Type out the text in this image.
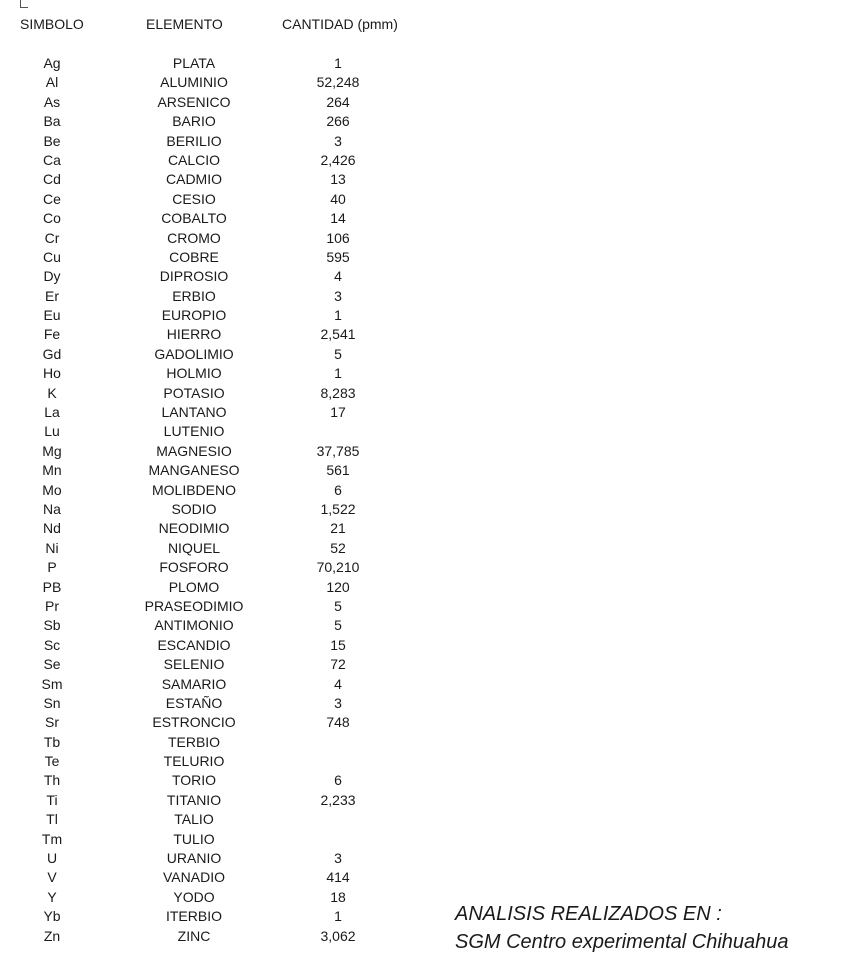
SIMBOLO	ELEMENTO	CANTIDAD (pmm)
Ag	PLATA	1
Al	ALUMINIO	52,248
As	ARSENICO	264
Ba	BARIO	266
Be	BERILIO	3
Ca	CALCIO	2,426
Cd	CADMIO	13
Ce	CESIO	40
Co	COBALTO	14
Cr	CROMO	106
Cu	COBRE	595
Dy	DIPROSIO	4
Er	ERBIO	3
Eu	EUROPIO	1
Fe	HIERRO	2,541
Gd	GADOLIMIO	5
Ho	HOLMIO	1
K	POTASIO	8,283
La	LANTANO	17
Lu	LUTENIO
Mg	MAGNESIO	37,785
Mn	MANGANESO	561
Mo	MOLIBDENO	6
Na	SODIO	1,522
Nd	NEODIMIO	21
Ni	NIQUEL	52
P	FOSFORO	70,210
PB	PLOMO	120
Pr	PRASEODIMIO	5
Sb	ANTIMONIO	5
Sc	ESCANDIO	15
Se	SELENIO	72
Sm	SAMARIO	4
Sn	ESTAÑO	3
Sr	ESTRONCIO	748
Tb	TERBIO
Te	TELURIO
Th	TORIO	6
Ti	TITANIO	2,233
Tl	TALIO
Tm	TULIO
U	URANIO	3
V	VANADIO	414
Y	YODO	18
Yb	ITERBIO	1
Zn	ZINC	3,062
ANALISIS REALIZADOS EN :
SGM Centro experimental Chihuahua
